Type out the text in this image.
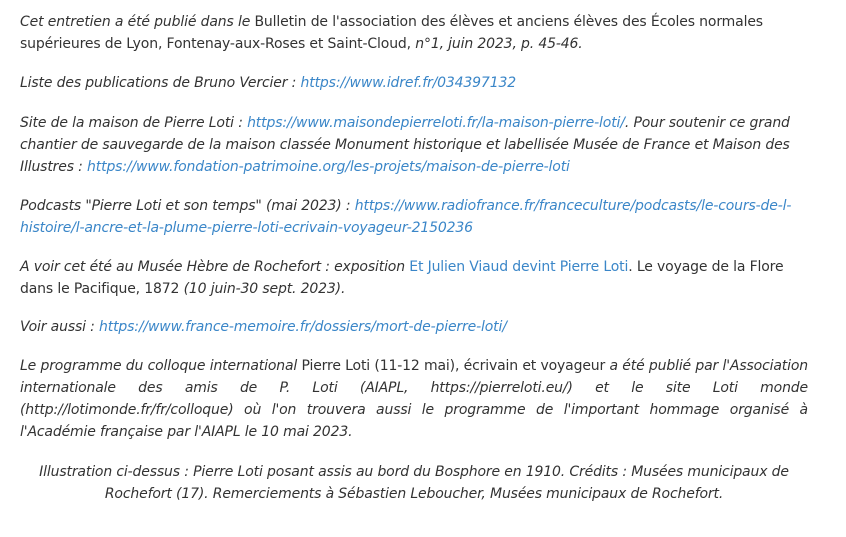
Cet entretien a été publié dans le Bulletin de l'association des élèves et anciens élèves des Écoles normales supérieures de Lyon, Fontenay-aux-Roses et Saint-Cloud, n°1, juin 2023, p. 45-46.

Liste des publications de Bruno Vercier : https://www.idref.fr/034397132

Site de la maison de Pierre Loti : https://www.maisondepierreloti.fr/la-maison-pierre-loti/. Pour soutenir ce grand chantier de sauvegarde de la maison classée Monument historique et labellisée Musée de France et Maison des Illustres : https://www.fondation-patrimoine.org/les-projets/maison-de-pierre-loti

Podcasts "Pierre Loti et son temps" (mai 2023) : https://www.radiofrance.fr/franceculture/podcasts/le-cours-de-l-histoire/l-ancre-et-la-plume-pierre-loti-ecrivain-voyageur-2150236

A voir cet été au Musée Hèbre de Rochefort : exposition Et Julien Viaud devint Pierre Loti. Le voyage de la Flore dans le Pacifique, 1872 (10 juin-30 sept. 2023).

Voir aussi : https://www.france-memoire.fr/dossiers/mort-de-pierre-loti/

Le programme du colloque international Pierre Loti (11-12 mai), écrivain et voyageur a été publié par l'Association internationale des amis de P. Loti (AIAPL, https://pierreloti.eu/) et le site Loti monde (http://lotimonde.fr/fr/colloque) où l'on trouvera aussi le programme de l'important hommage organisé à l'Académie française par l'AIAPL le 10 mai 2023.

Illustration ci-dessus : Pierre Loti posant assis au bord du Bosphore en 1910. Crédits : Musées municipaux de Rochefort (17). Remerciements à Sébastien Leboucher, Musées municipaux de Rochefort.
